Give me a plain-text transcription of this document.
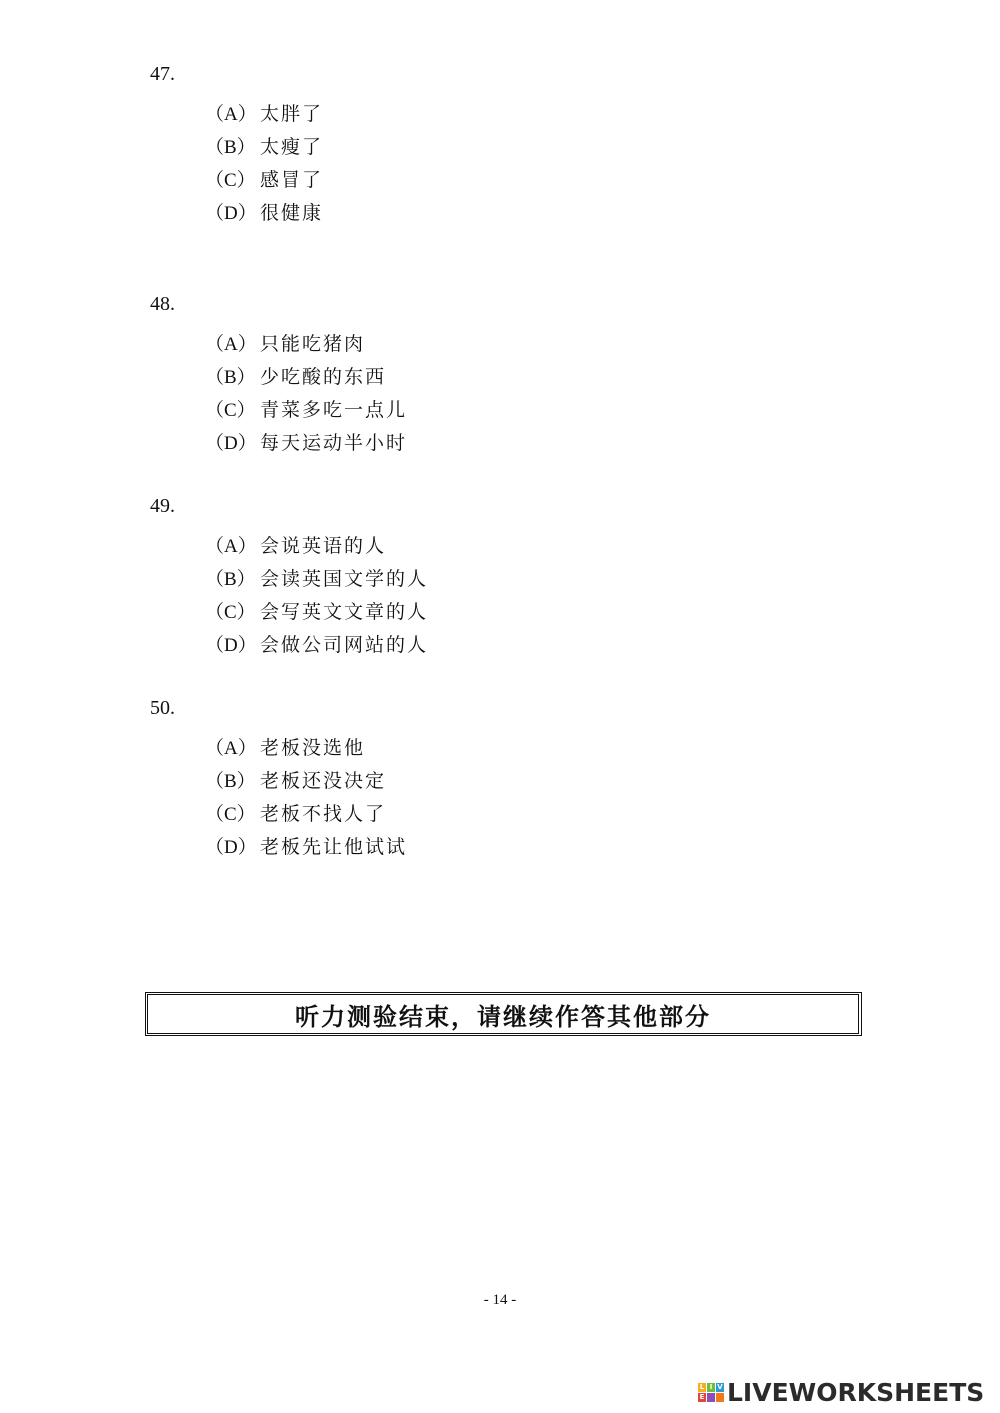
47.
（A） 太胖了
（B） 太瘦了
（C） 感冒了
（D） 很健康
48.
（A） 只能吃猪肉
（B） 少吃酸的东西
（C） 青菜多吃一点儿
（D） 每天运动半小时
49.
（A） 会说英语的人
（B） 会读英国文学的人
（C） 会写英文文章的人
（D） 会做公司网站的人
50.
（A） 老板没选他
（B） 老板还没决定
（C） 老板不找人了
（D） 老板先让他试试
听力测验结束，请继续作答其他部分
- 14 -
L I V
E LIVEWORKSHEETS
